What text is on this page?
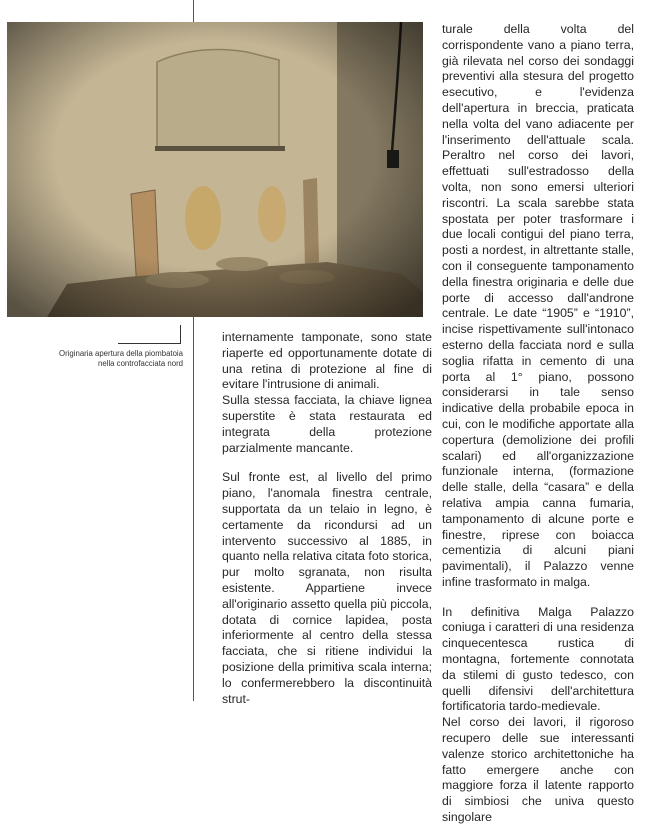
Originaria apertura della piombatoia
nella controfacciata nord

internamente tamponate, sono state riaperte ed opportunamente dotate di una retina di protezione al fine di evitare l'intrusione di animali.

Sulla stessa facciata, la chiave lignea superstite è stata restaurata ed integrata della protezione parzialmente mancante.

Sul fronte est, al livello del primo piano, l'anomala finestra centrale, supportata da un telaio in legno, è certamente da ricondursi ad un intervento successivo al 1885, in quanto nella relativa citata foto storica, pur molto sgranata, non risulta esistente. Appartiene invece all'originario assetto quella più piccola, dotata di cornice lapidea, posta inferiormente al centro della stessa facciata, che si ritiene individui la posizione della primitiva scala interna; lo confermerebbero la discontinuità strut-

turale della volta del corrispondente vano a piano terra, già rilevata nel corso dei sondaggi preventivi alla stesura del progetto esecutivo, e l'evidenza dell'apertura in breccia, praticata nella volta del vano adiacente per l'inserimento dell'attuale scala. Peraltro nel corso dei lavori, effettuati sull'estradosso della volta, non sono emersi ulteriori riscontri. La scala sarebbe stata spostata per poter trasformare i due locali contigui del piano terra, posti a nordest, in altrettante stalle, con il conseguente tamponamento della finestra originaria e delle due porte di accesso dall'androne centrale. Le date “1905” e “1910”, incise rispettivamente sull'intonaco esterno della facciata nord e sulla soglia rifatta in cemento di una porta al 1° piano, possono considerarsi in tale senso indicative della probabile epoca in cui, con le modifiche apportate alla copertura (demolizione dei profili scalari) ed all'organizzazione funzionale interna, (formazione delle stalle, della “casara” e della relativa ampia canna fumaria, tamponamento di alcune porte e finestre, riprese con boiacca cementizia di alcuni piani pavimentali), il Palazzo venne infine trasformato in malga.

In definitiva Malga Palazzo coniuga i caratteri di una residenza cinquecentesca rustica di montagna, fortemente connotata da stilemi di gusto tedesco, con quelli difensivi dell'architettura fortificatoria tardo-medievale.

Nel corso dei lavori, il rigoroso recupero delle sue interessanti valenze storico architettoniche ha fatto emergere anche con maggiore forza il latente rapporto di simbiosi che univa questo singolare
